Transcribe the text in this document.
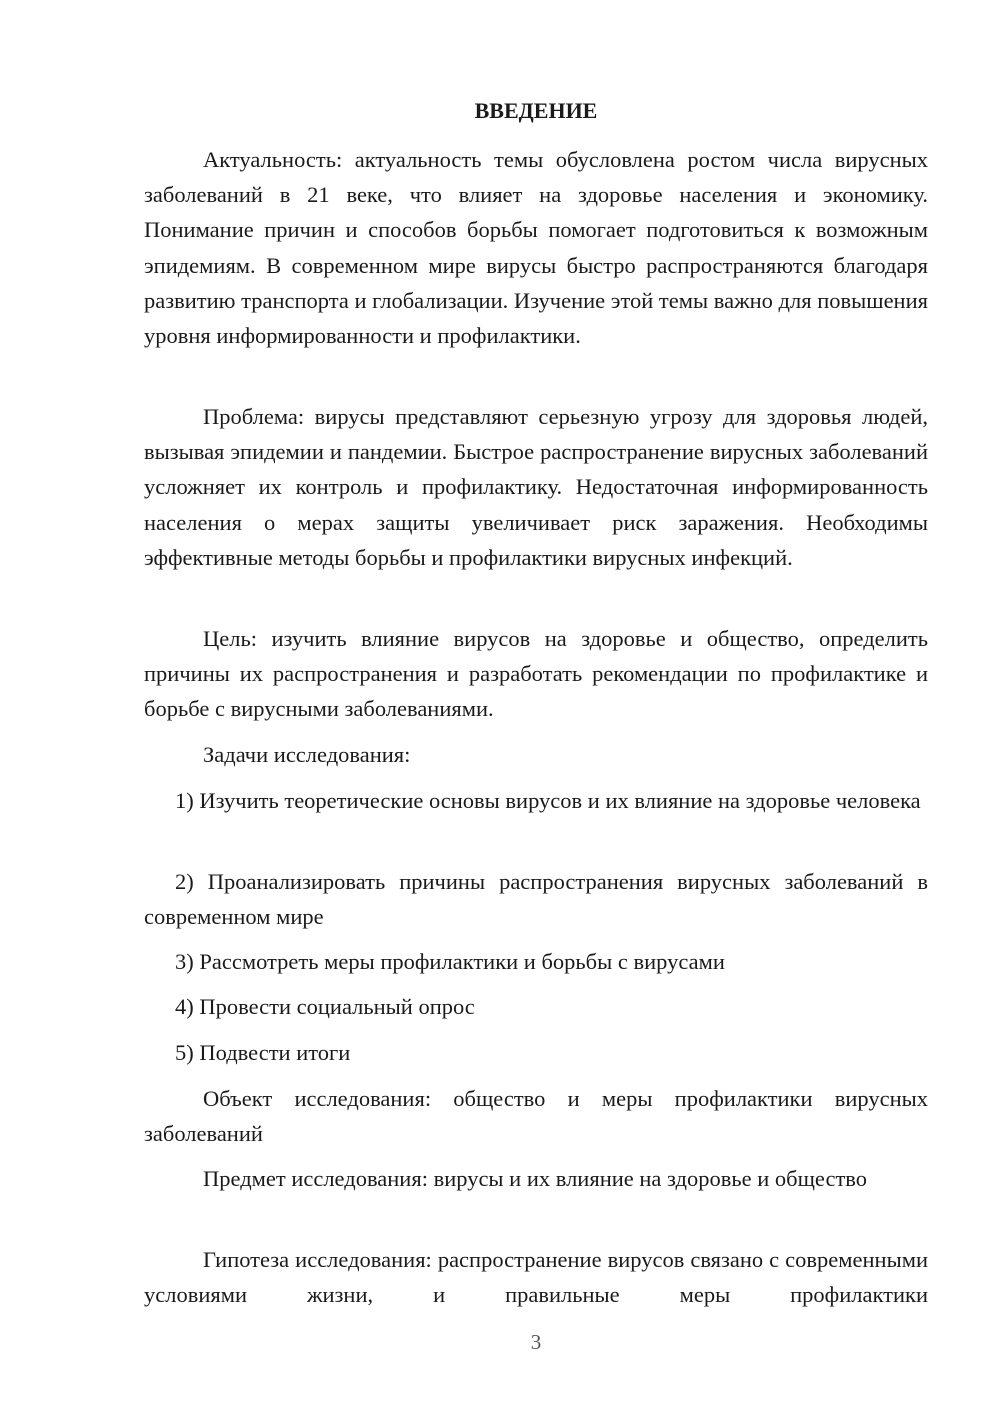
ВВЕДЕНИЕ
Актуальность: актуальность темы обусловлена ростом числа вирусных заболеваний в 21 веке, что влияет на здоровье населения и экономику. Понимание причин и способов борьбы помогает подготовиться к возможным эпидемиям. В современном мире вирусы быстро распространяются благодаря развитию транспорта и глобализации. Изучение этой темы важно для повышения уровня информированности и профилактики.
Проблема: вирусы представляют серьезную угрозу для здоровья людей, вызывая эпидемии и пандемии. Быстрое распространение вирусных заболеваний усложняет их контроль и профилактику. Недостаточная информированность населения о мерах защиты увеличивает риск заражения. Необходимы эффективные методы борьбы и профилактики вирусных инфекций.
Цель: изучить влияние вирусов на здоровье и общество, определить причины их распространения и разработать рекомендации по профилактике и борьбе с вирусными заболеваниями.
Задачи исследования:
1) Изучить теоретические основы вирусов и их влияние на здоровье человека
2) Проанализировать причины распространения вирусных заболеваний в современном мире
3) Рассмотреть меры профилактики и борьбы с вирусами
4) Провести социальный опрос
5) Подвести итоги
Объект исследования: общество и меры профилактики вирусных заболеваний
Предмет исследования: вирусы и их влияние на здоровье и общество
Гипотеза исследования: распространение вирусов связано с современными условиями жизни, и правильные меры профилактики
3
